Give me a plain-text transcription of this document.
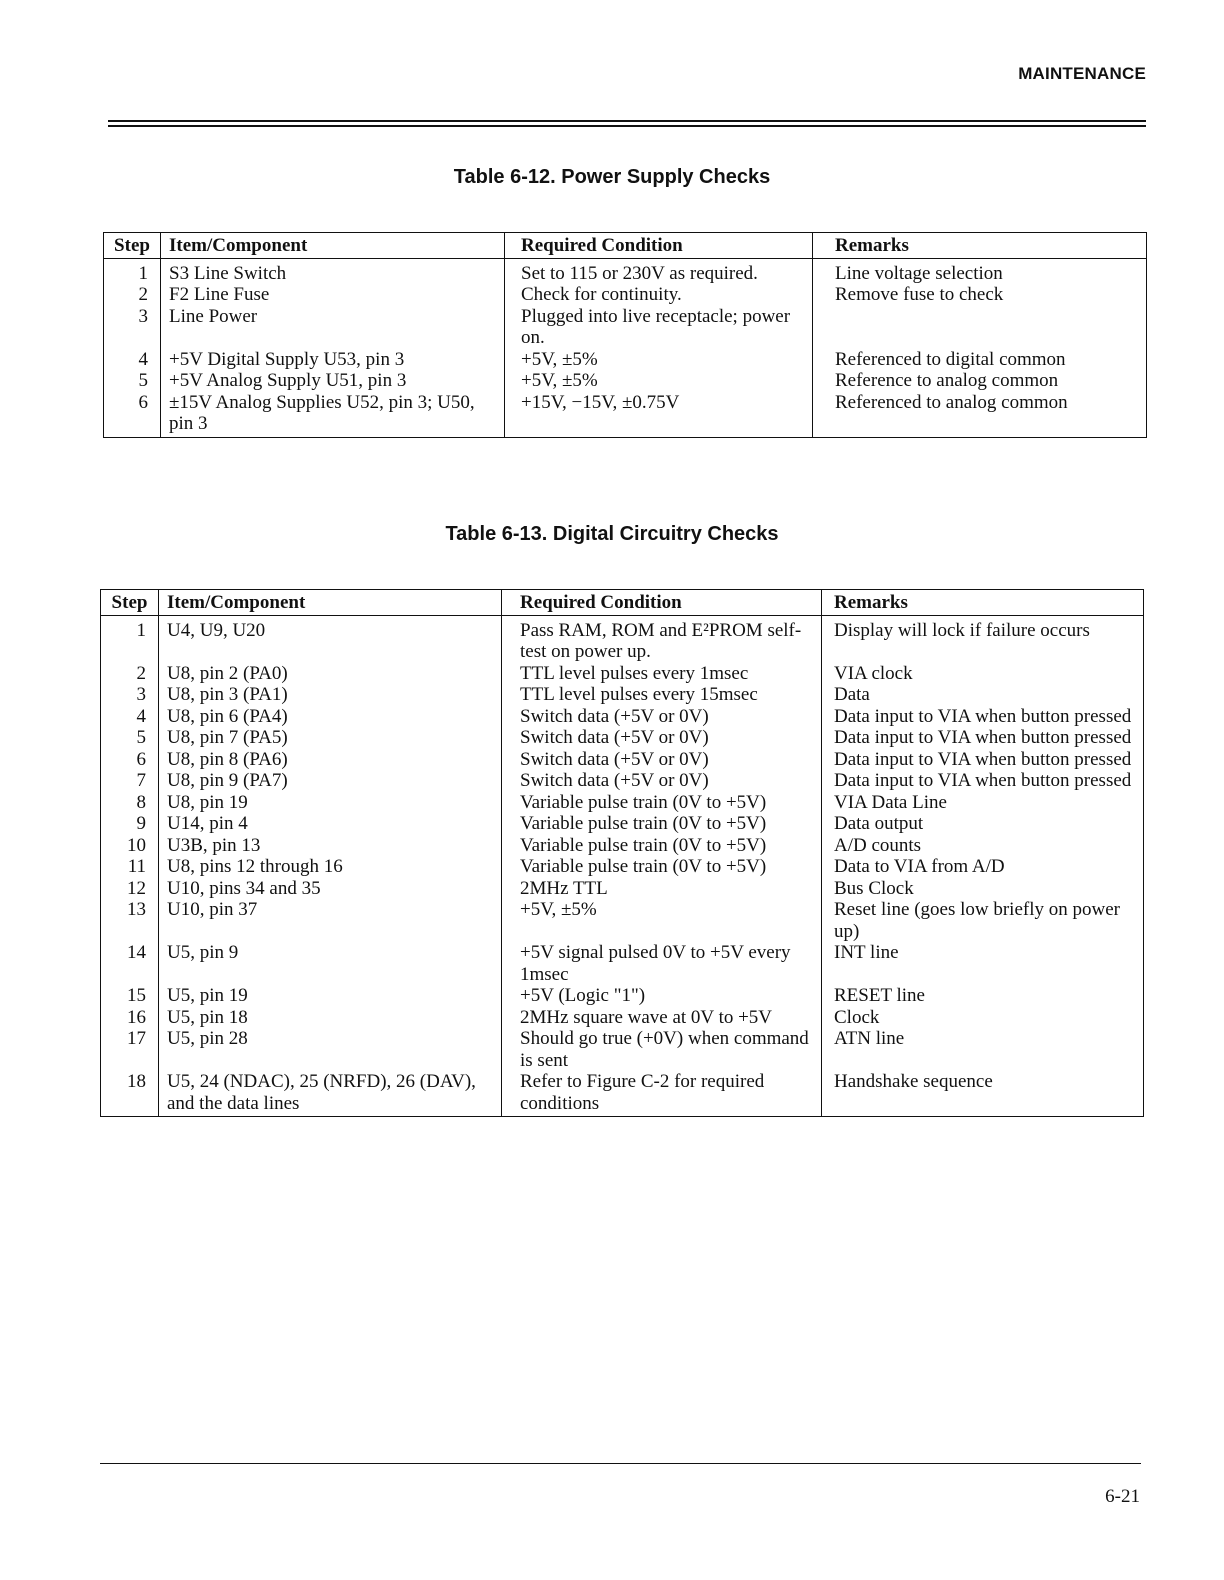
MAINTENANCE
Table 6-12. Power Supply Checks
Step	Item/Component	Required Condition	Remarks
1	S3 Line Switch	Set to 115 or 230V as required.	Line voltage selection
2	F2 Line Fuse	Check for continuity.	Remove fuse to check
3	Line Power	Plugged into live receptacle; power on.	
4	+5V Digital Supply U53, pin 3	+5V, ±5%	Referenced to digital common
5	+5V Analog Supply U51, pin 3	+5V, ±5%	Reference to analog common
6	±15V Analog Supplies U52, pin 3; U50, pin 3	+15V, −15V, ±0.75V	Referenced to analog common
Table 6-13. Digital Circuitry Checks
Step	Item/Component	Required Condition	Remarks
1	U4, U9, U20	Pass RAM, ROM and E²PROM self-test on power up.	Display will lock if failure occurs
2	U8, pin 2 (PA0)	TTL level pulses every 1msec	VIA clock
3	U8, pin 3 (PA1)	TTL level pulses every 15msec	Data
4	U8, pin 6 (PA4)	Switch data (+5V or 0V)	Data input to VIA when button pressed
5	U8, pin 7 (PA5)	Switch data (+5V or 0V)	Data input to VIA when button pressed
6	U8, pin 8 (PA6)	Switch data (+5V or 0V)	Data input to VIA when button pressed
7	U8, pin 9 (PA7)	Switch data (+5V or 0V)	Data input to VIA when button pressed
8	U8, pin 19	Variable pulse train (0V to +5V)	VIA Data Line
9	U14, pin 4	Variable pulse train (0V to +5V)	Data output
10	U3B, pin 13	Variable pulse train (0V to +5V)	A/D counts
11	U8, pins 12 through 16	Variable pulse train (0V to +5V)	Data to VIA from A/D
12	U10, pins 34 and 35	2MHz TTL	Bus Clock
13	U10, pin 37	+5V, ±5%	Reset line (goes low briefly on power up)
14	U5, pin 9	+5V signal pulsed 0V to +5V every 1msec	INT line
15	U5, pin 19	+5V (Logic "1")	RESET line
16	U5, pin 18	2MHz square wave at 0V to +5V	Clock
17	U5, pin 28	Should go true (+0V) when command is sent	ATN line
18	U5, 24 (NDAC), 25 (NRFD), 26 (DAV), and the data lines	Refer to Figure C-2 for required conditions	Handshake sequence
6-21
